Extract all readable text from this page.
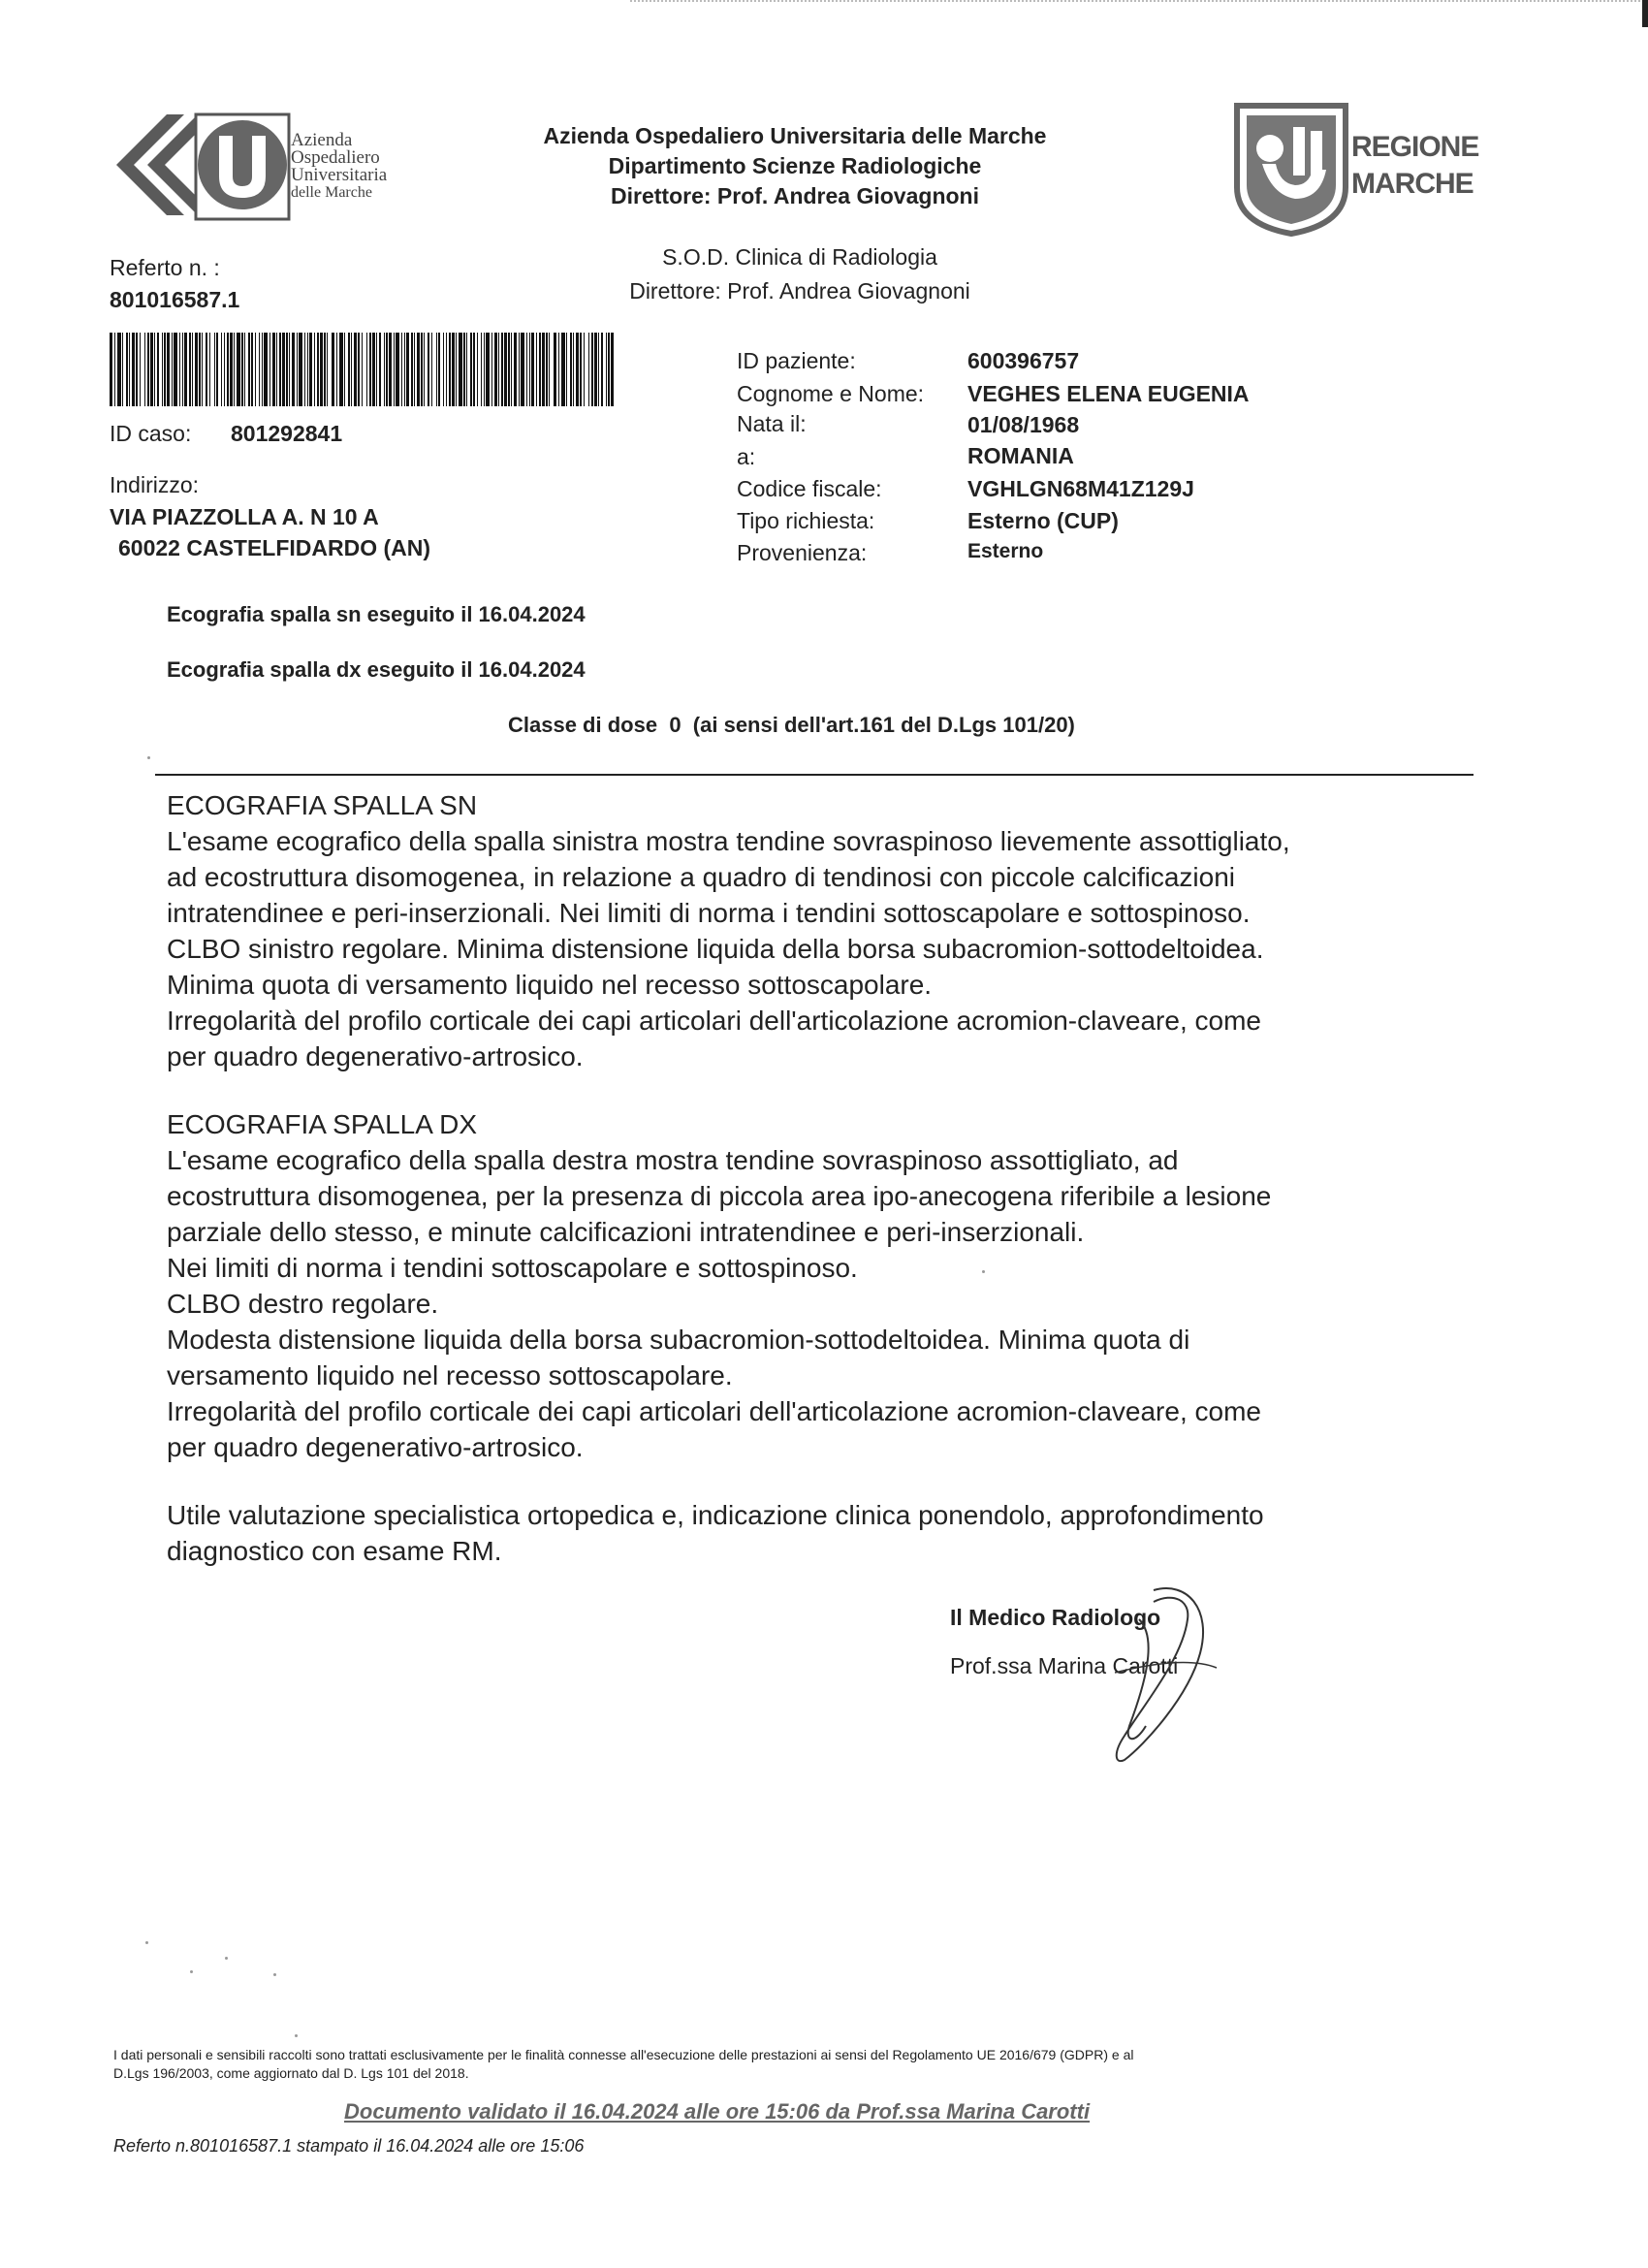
Azienda
Ospedaliero
Universitaria
delle Marche
Azienda Ospedaliero Universitaria delle Marche
Dipartimento Scienze Radiologiche
Direttore: Prof. Andrea Giovagnoni
REGIONE
MARCHE
S.O.D. Clinica di Radiologia
Direttore: Prof. Andrea Giovagnoni
Referto n. :
801016587.1
ID caso: 801292841
Indirizzo:
VIA PIAZZOLLA A. N 10 A
60022 CASTELFIDARDO (AN)
ID paziente:	600396757
Cognome e Nome: VEGHES ELENA EUGENIA
Nata il:	01/08/1968
a:	ROMANIA
Codice fiscale:	VGHLGN68M41Z129J
Tipo richiesta:	Esterno (CUP)
Provenienza:	Esterno
Ecografia spalla sn eseguito il 16.04.2024
Ecografia spalla dx eseguito il 16.04.2024
Classe di dose 0 (ai sensi dell'art.161 del D.Lgs 101/20)

ECOGRAFIA SPALLA SN

L'esame ecografico della spalla sinistra mostra tendine sovraspinoso lievemente assottigliato,

ad ecostruttura disomogenea, in relazione a quadro di tendinosi con piccole calcificazioni

intratendinee e peri-inserzionali. Nei limiti di norma i tendini sottoscapolare e sottospinoso.

CLBO sinistro regolare. Minima distensione liquida della borsa subacromion-sottodeltoidea.

Minima quota di versamento liquido nel recesso sottoscapolare.

Irregolarità del profilo corticale dei capi articolari dell'articolazione acromion-claveare, come

per quadro degenerativo-artrosico.

ECOGRAFIA SPALLA DX

L'esame ecografico della spalla destra mostra tendine sovraspinoso assottigliato, ad

ecostruttura disomogenea, per la presenza di piccola area ipo-anecogena riferibile a lesione

parziale dello stesso, e minute calcificazioni intratendinee e peri-inserzionali.

Nei limiti di norma i tendini sottoscapolare e sottospinoso.

CLBO destro regolare.

Modesta distensione liquida della borsa subacromion-sottodeltoidea. Minima quota di

versamento liquido nel recesso sottoscapolare.

Irregolarità del profilo corticale dei capi articolari dell'articolazione acromion-claveare, come

per quadro degenerativo-artrosico.

Utile valutazione specialistica ortopedica e, indicazione clinica ponendolo, approfondimento

diagnostico con esame RM.

Il Medico Radiologo
Prof.ssa Marina Carotti
I dati personali e sensibili raccolti sono trattati esclusivamente per le finalità connesse all'esecuzione delle prestazioni ai sensi del Regolamento UE 2016/679 (GDPR) e al
D.Lgs 196/2003, come aggiornato dal D. Lgs 101 del 2018.
Documento validato il 16.04.2024 alle ore 15:06 da Prof.ssa Marina Carotti
Referto n.801016587.1 stampato il 16.04.2024 alle ore 15:06
